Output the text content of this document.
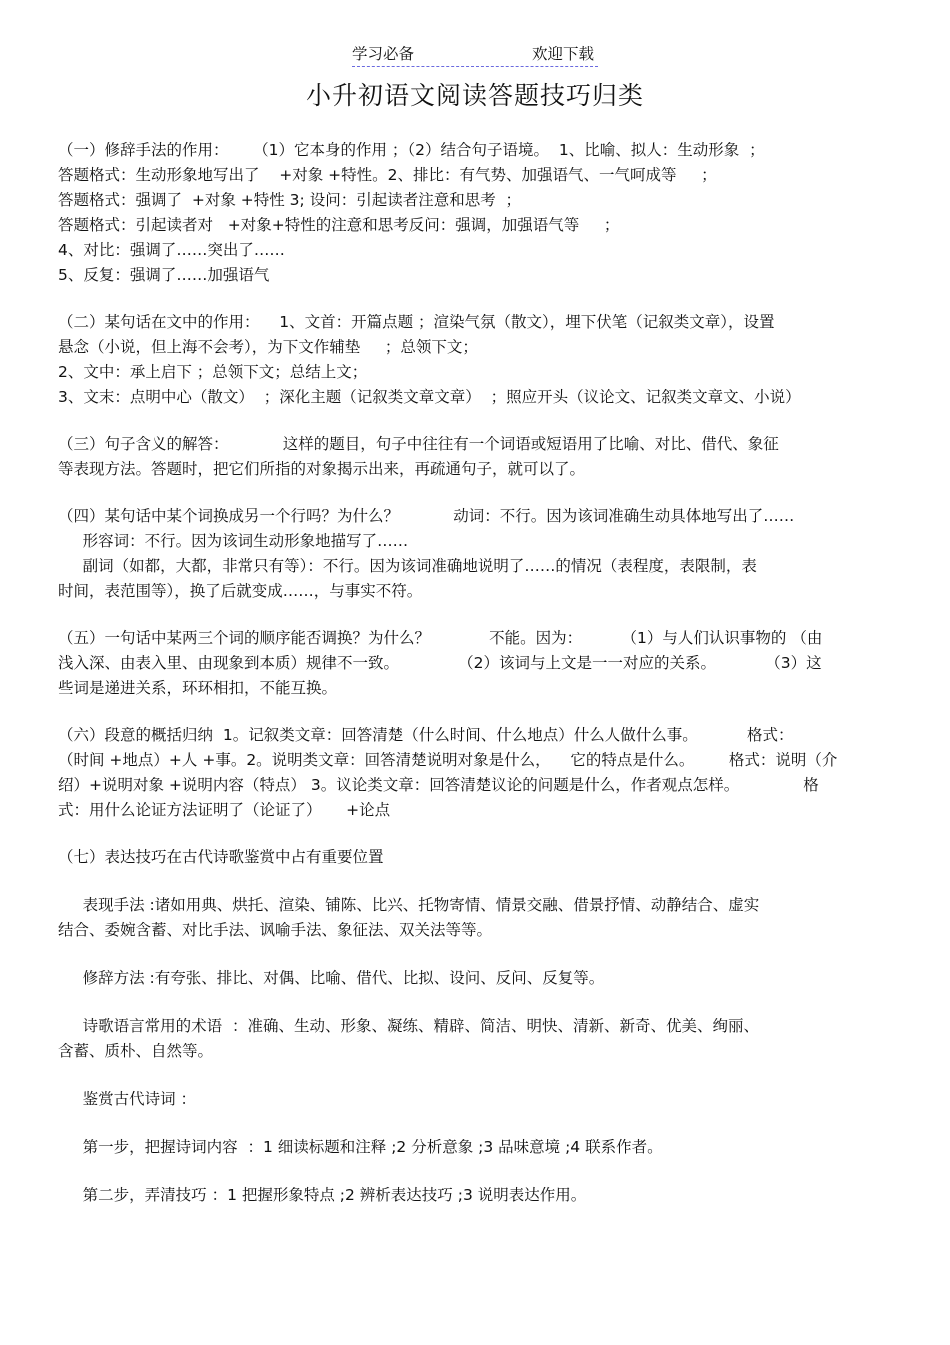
学习必备	欢迎下载
小升初语文阅读答题技巧归类
（一）修辞手法的作用：     （1）它本身的作用 ；（2）结合句子语境。  1、比喻、拟人：生动形象  ；
答题格式：生动形象地写出了    +对象 +特性。2、排比：有气势、加强语气、一气呵成等     ；
答题格式：强调了  +对象 +特性 3; 设问：引起读者注意和思考  ；
答题格式：引起读者对   +对象+特性的注意和思考反问：强调，加强语气等     ；
4、对比：强调了……突出了……
5、反复：强调了……加强语气
（二）某句话在文中的作用：    1、文首：开篇点题 ；渲染气氛（散文），埋下伏笔（记叙类文章），设置
悬念（小说，但上海不会考），为下文作辅垫     ；总领下文；
2、文中：承上启下 ；总领下文；总结上文；
3、文末：点明中心（散文）  ；深化主题（记叙类文章文章）  ；照应开头（议论文、记叙类文章文、小说）
（三）句子含义的解答：           这样的题目，句子中往往有一个词语或短语用了比喻、对比、借代、象征
等表现方法。答题时，把它们所指的对象揭示出来，再疏通句子，就可以了。
（四）某句话中某个词换成另一个行吗？为什么？           动词：不行。因为该词准确生动具体地写出了……
形容词：不行。因为该词生动形象地描写了……
副词（如都，大都，非常只有等）：不行。因为该词准确地说明了……的情况（表程度，表限制，表
时间，表范围等），换了后就变成……，与事实不符。
（五）一句话中某两三个词的顺序能否调换？为什么？            不能。因为：        （1）与人们认识事物的 （由
浅入深、由表入里、由现象到本质）规律不一致。            （2）该词与上文是一一对应的关系。          （3）这
些词是递进关系，环环相扣，不能互换。
（六）段意的概括归纳  1。记叙类文章：回答清楚（什么时间、什么地点）什么人做什么事。          格式：
（时间 +地点）+人 +事。2。说明类文章：回答清楚说明对象是什么，    它的特点是什么。       格式：说明（介
绍）+说明对象 +说明内容（特点） 3。议论类文章：回答清楚议论的问题是什么，作者观点怎样。             格
式：用什么论证方法证明了（论证了）     +论点
（七）表达技巧在古代诗歌鉴赏中占有重要位置
表现手法 :诸如用典、烘托、渲染、铺陈、比兴、托物寄情、情景交融、借景抒情、动静结合、虚实
结合、委婉含蓄、对比手法、讽喻手法、象征法、双关法等等。
修辞方法 :有夸张、排比、对偶、比喻、借代、比拟、设问、反问、反复等。
诗歌语言常用的术语  ：准确、生动、形象、凝练、精辟、简洁、明快、清新、新奇、优美、绚丽、
含蓄、质朴、自然等。
鉴赏古代诗词 ：
第一步，把握诗词内容  ：1 细读标题和注释 ;2 分析意象 ;3 品味意境 ;4 联系作者。
第二步，弄清技巧 ：1 把握形象特点 ;2 辨析表达技巧 ;3 说明表达作用。
